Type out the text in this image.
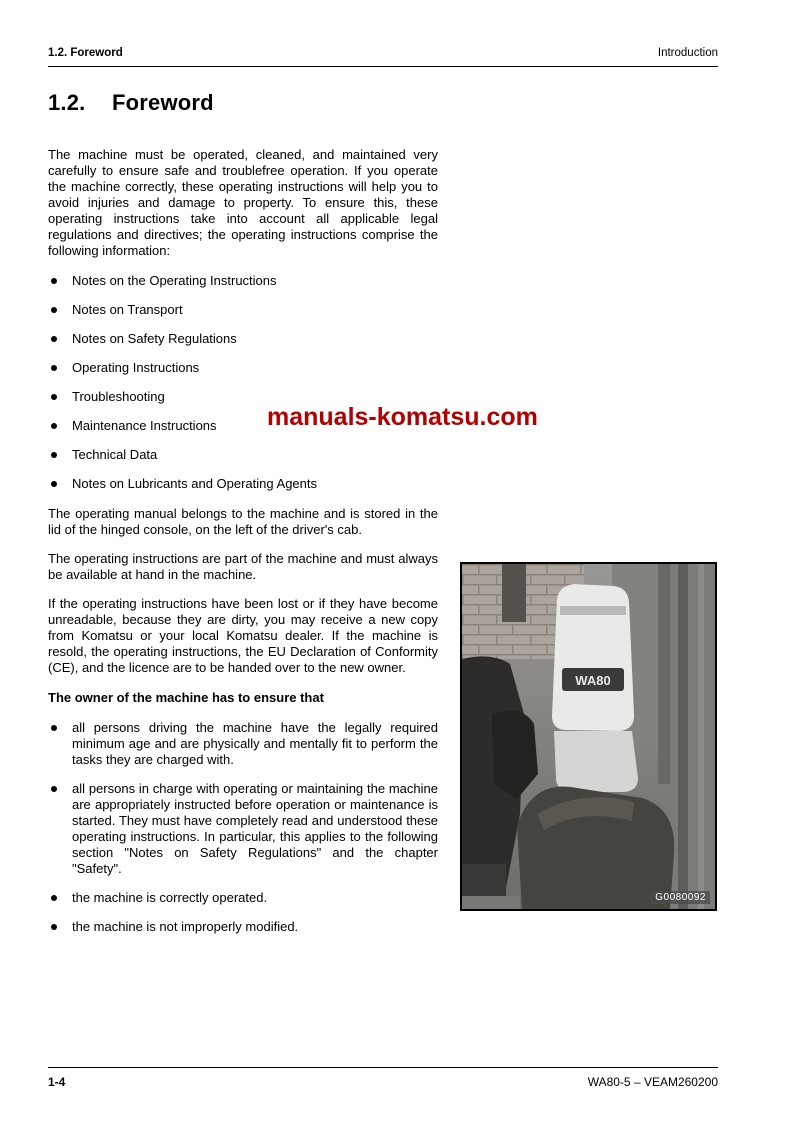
1.2. Foreword	Introduction
1.2. Foreword

The machine must be operated, cleaned, and maintained very carefully to ensure safe and troublefree operation. If you operate the machine correctly, these operating instructions will help you to avoid injuries and damage to property. To ensure this, these operating instructions take into account all applicable legal regulations and directives; the operating instructions comprise the following information:

Notes on the Operating Instructions
Notes on Transport
Notes on Safety Regulations
Operating Instructions
Troubleshooting
Maintenance Instructions
Technical Data
Notes on Lubricants and Operating Agents

The operating manual belongs to the machine and is stored in the lid of the hinged console, on the left of the driver's cab.

The operating instructions are part of the machine and must always be available at hand in the machine.

If the operating instructions have been lost or if they have become unreadable, because they are dirty, you may receive a new copy from Komatsu or your local Komatsu dealer. If the machine is resold, the operating instructions, the EU Declaration of Conformity (CE), and the licence are to be handed over to the new owner.

The owner of the machine has to ensure that
all persons driving the machine have the legally required minimum age and are physically and mentally fit to perform the tasks they are charged with.
all persons in charge with operating or maintaining the machine are appropriately instructed before operation or maintenance is started. They must have completely read and understood these operating instructions. In particular, this applies to the following section "Notes on Safety Regulations" and the chapter "Safety".
the machine is correctly operated.
the machine is not improperly modified.
manuals-komatsu.com
WA80
G0080092
1-4	WA80-5 – VEAM260200
